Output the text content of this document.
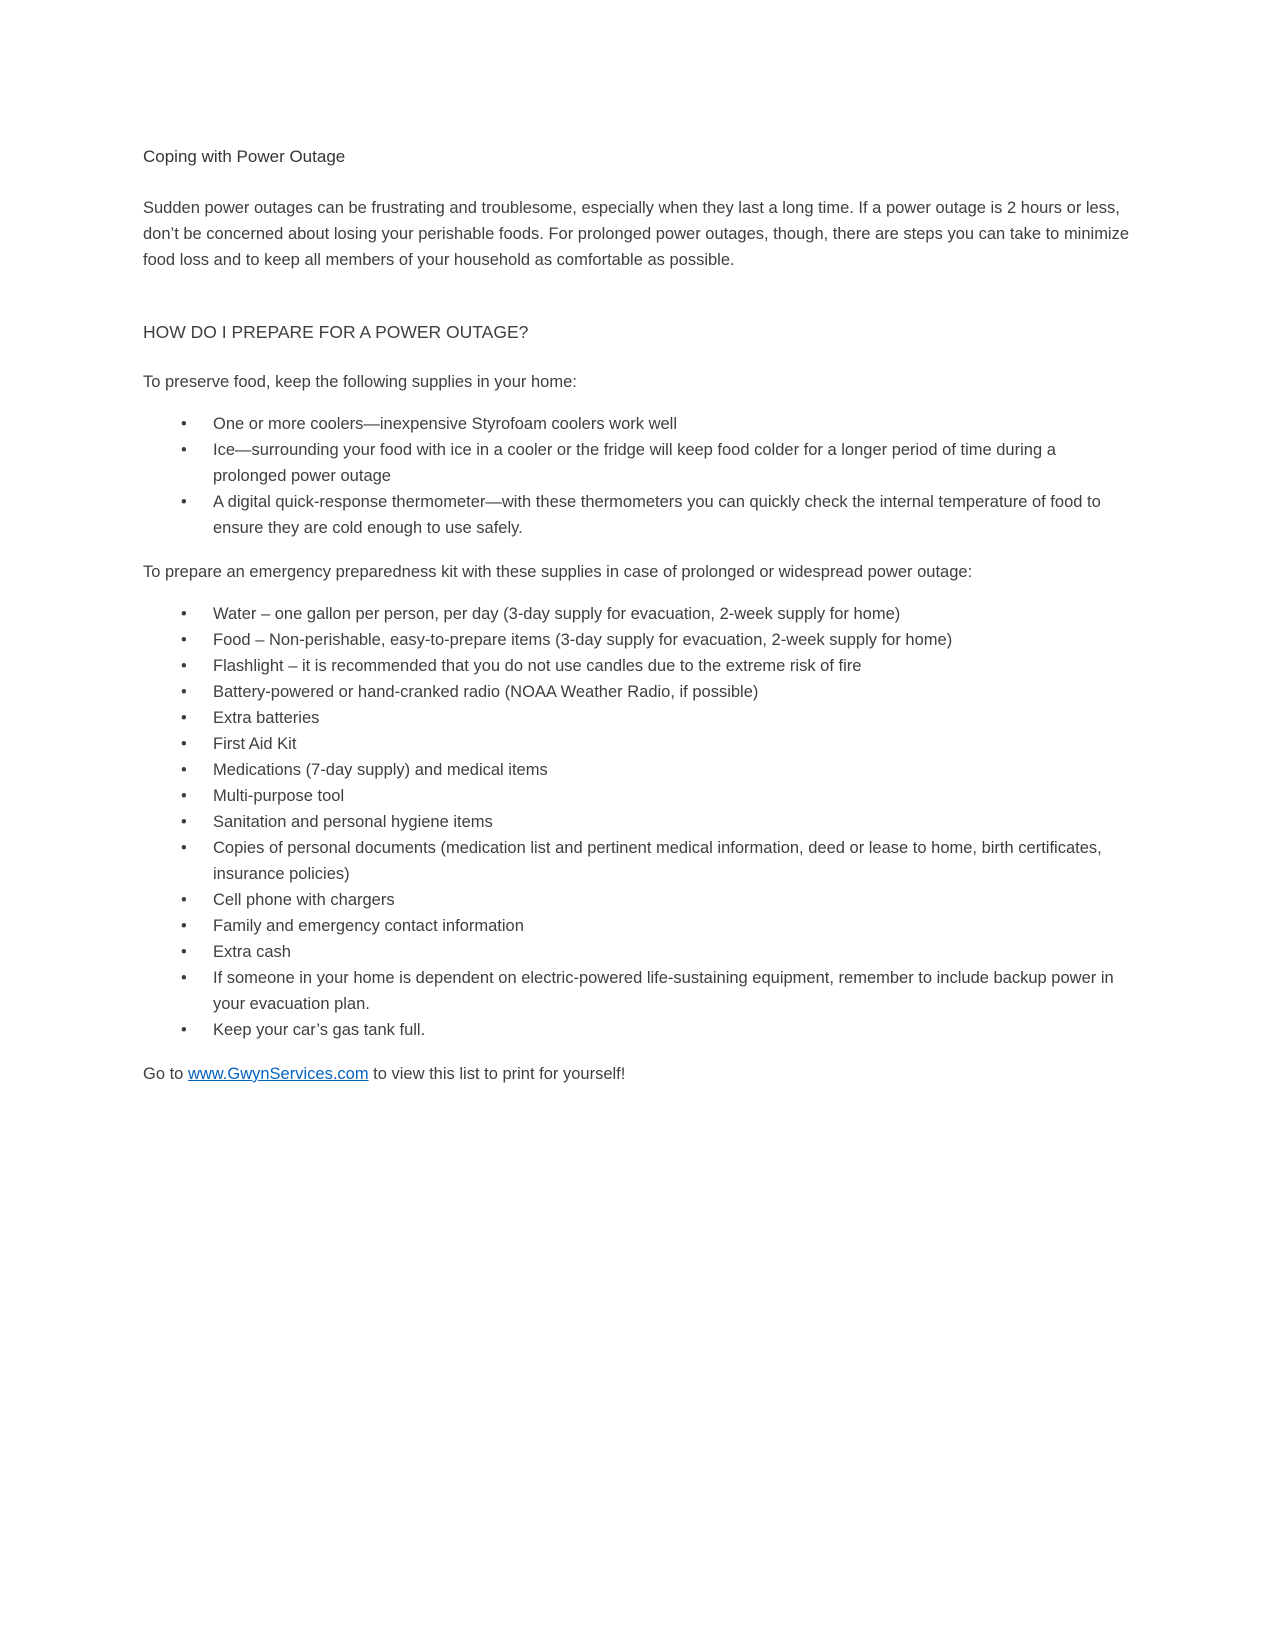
Coping with Power Outage

Sudden power outages can be frustrating and troublesome, especially when they last a long time. If a power outage is 2 hours or less, don’t be concerned about losing your perishable foods. For prolonged power outages, though, there are steps you can take to minimize food loss and to keep all members of your household as comfortable as possible.

HOW DO I PREPARE FOR A POWER OUTAGE?

To preserve food, keep the following supplies in your home:

• One or more coolers—inexpensive Styrofoam coolers work well
• Ice—surrounding your food with ice in a cooler or the fridge will keep food colder for a longer period of time during a prolonged power outage
• A digital quick-response thermometer—with these thermometers you can quickly check the internal temperature of food to ensure they are cold enough to use safely.

To prepare an emergency preparedness kit with these supplies in case of prolonged or widespread power outage:

• Water – one gallon per person, per day (3-day supply for evacuation, 2-week supply for home)
• Food – Non-perishable, easy-to-prepare items (3-day supply for evacuation, 2-week supply for home)
• Flashlight – it is recommended that you do not use candles due to the extreme risk of fire
• Battery-powered or hand-cranked radio (NOAA Weather Radio, if possible)
• Extra batteries
• First Aid Kit
• Medications (7-day supply) and medical items
• Multi-purpose tool
• Sanitation and personal hygiene items
• Copies of personal documents (medication list and pertinent medical information, deed or lease to home, birth certificates, insurance policies)
• Cell phone with chargers
• Family and emergency contact information
• Extra cash
• If someone in your home is dependent on electric-powered life-sustaining equipment, remember to include backup power in your evacuation plan.
• Keep your car’s gas tank full.

Go to www.GwynServices.com to view this list to print for yourself!
